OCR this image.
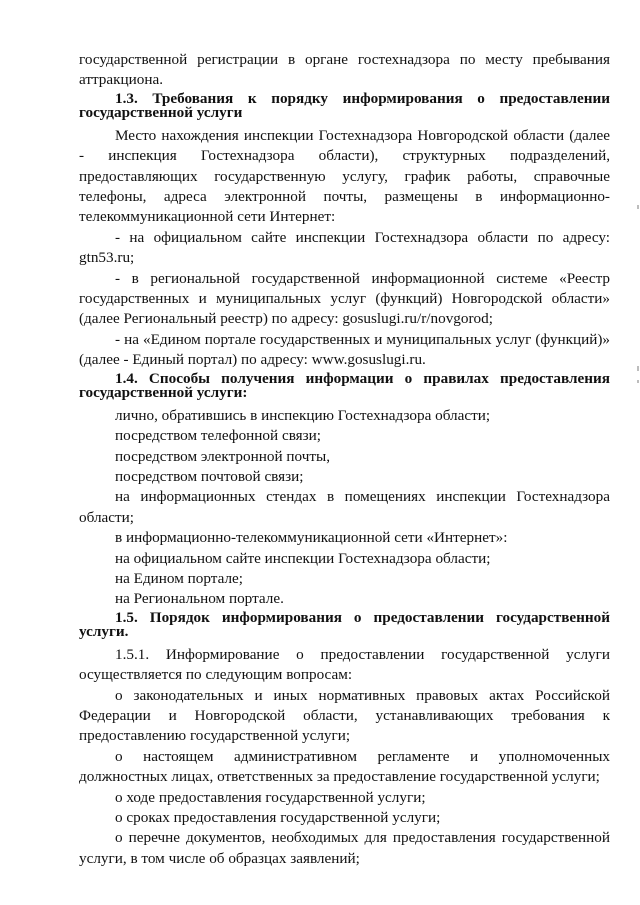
государственной регистрации в органе гостехнадзора по месту пребывания аттракциона.

1.3. Требования к порядку информирования о предоставлении государственной услуги

Место нахождения инспекции Гостехнадзора Новгородской области (далее - инспекция Гостехнадзора области), структурных подразделений, предоставляющих государственную услугу, график работы, справочные телефоны, адреса электронной почты, размещены в информационно-телекоммуникационной сети Интернет:

- на официальном сайте инспекции Гостехнадзора области по адресу: gtn53.ru;

- в региональной государственной информационной системе «Реестр государственных и муниципальных услуг (функций) Новгородской области» (далее Региональный реестр) по адресу: gosuslugi.ru/r/novgorod;

- на «Едином портале государственных и муниципальных услуг (функций)» (далее - Единый портал) по адресу: www.gosuslugi.ru.

1.4. Способы получения информации о правилах предоставления государственной услуги:

лично, обратившись в инспекцию Гостехнадзора области;

посредством телефонной связи;

посредством электронной почты,

посредством почтовой связи;

на информационных стендах в помещениях инспекции Гостехнадзора области;

в информационно-телекоммуникационной сети «Интернет»:

на официальном сайте инспекции Гостехнадзора области;

на Едином портале;

на Региональном портале.

1.5. Порядок информирования о предоставлении государственной услуги.

1.5.1. Информирование о предоставлении государственной услуги осуществляется по следующим вопросам:

о законодательных и иных нормативных правовых актах Российской Федерации и Новгородской области, устанавливающих требования к предоставлению государственной услуги;

о настоящем административном регламенте и уполномоченных должностных лицах, ответственных за предоставление государственной услуги;

о ходе предоставления государственной услуги;

о сроках предоставления государственной услуги;

о перечне документов, необходимых для предоставления государственной услуги, в том числе об образцах заявлений;
